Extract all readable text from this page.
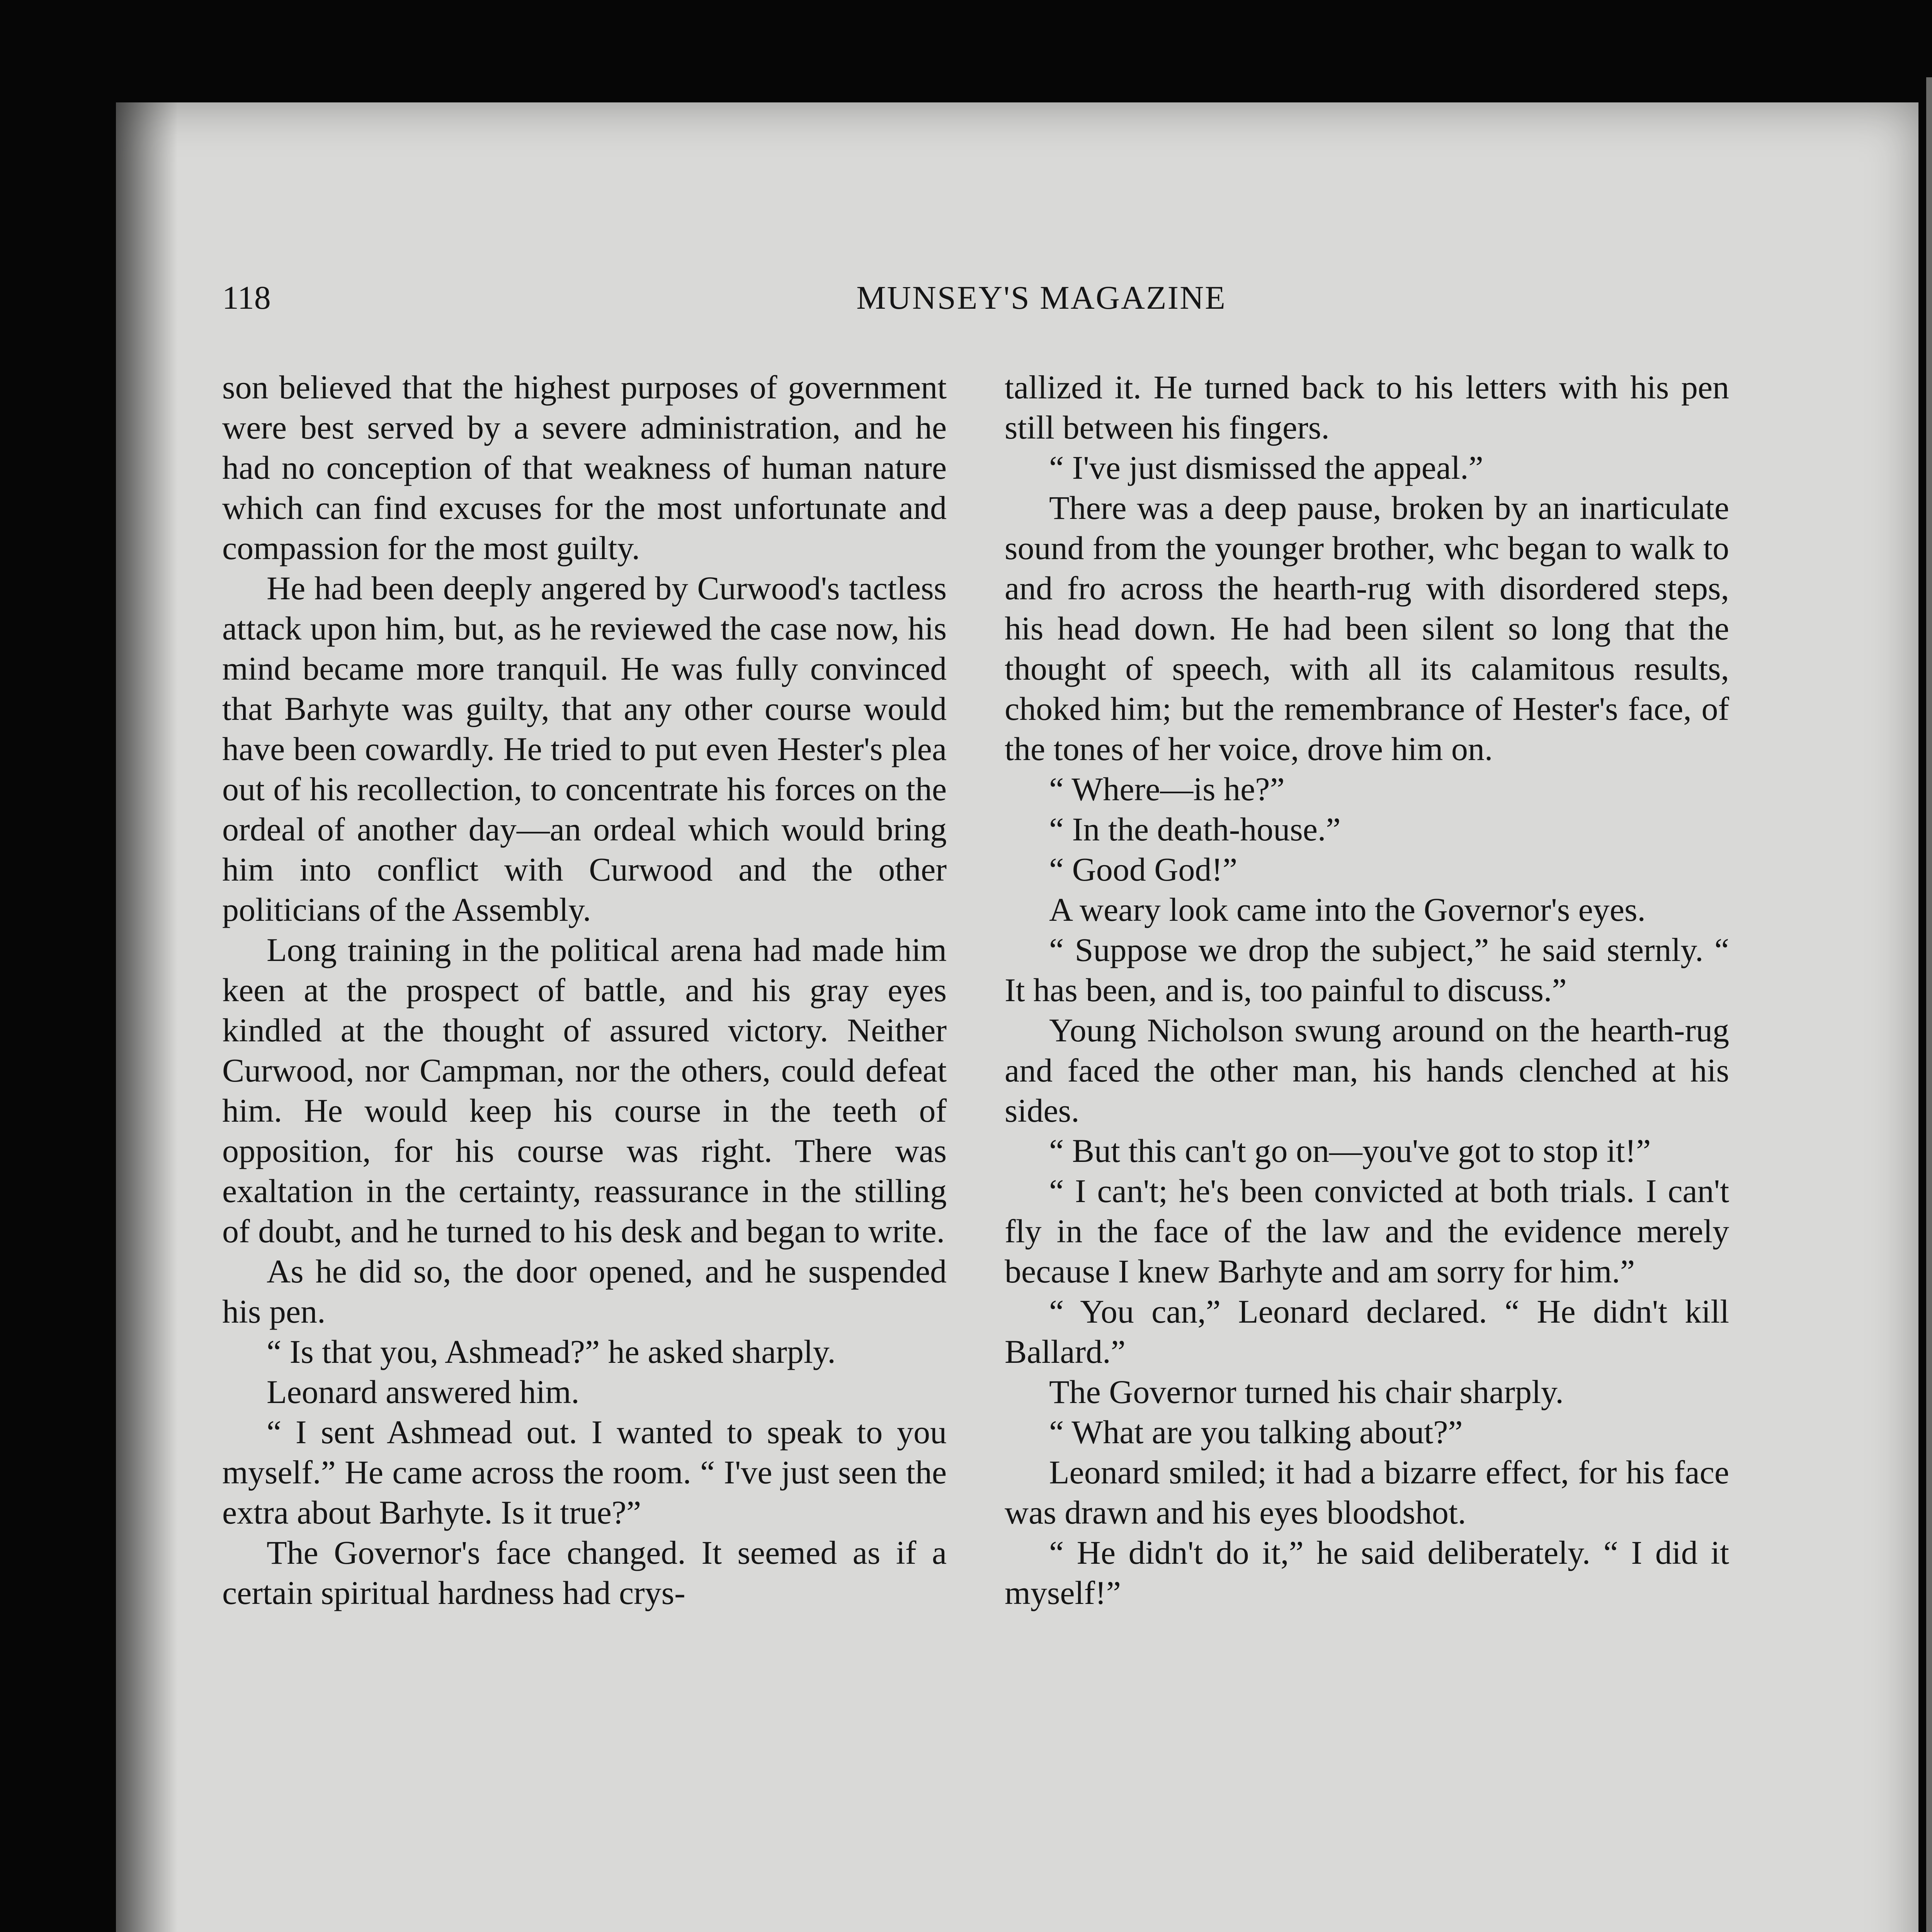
118	MUNSEY'S MAGAZINE

son believed that the highest purposes of government were best served by a severe administration, and he had no conception of that weakness of human nature which can find excuses for the most unfortunate and compassion for the most guilty.

He had been deeply angered by Curwood's tactless attack upon him, but, as he reviewed the case now, his mind became more tranquil. He was fully convinced that Barhyte was guilty, that any other course would have been cowardly. He tried to put even Hester's plea out of his recollection, to concentrate his forces on the ordeal of another day—an ordeal which would bring him into conflict with Curwood and the other politicians of the Assembly.

Long training in the political arena had made him keen at the prospect of battle, and his gray eyes kindled at the thought of assured victory. Neither Curwood, nor Campman, nor the others, could defeat him. He would keep his course in the teeth of opposition, for his course was right. There was exaltation in the certainty, reassurance in the stilling of doubt, and he turned to his desk and began to write.

As he did so, the door opened, and he suspended his pen.

“ Is that you, Ashmead?” he asked sharply.

Leonard answered him.

“ I sent Ashmead out. I wanted to speak to you myself.” He came across the room. “ I've just seen the extra about Barhyte. Is it true?”

The Governor's face changed. It seemed as if a certain spiritual hardness had crys-

tallized it. He turned back to his letters with his pen still between his fingers.

“ I've just dismissed the appeal.”

There was a deep pause, broken by an inarticulate sound from the younger brother, whc began to walk to and fro across the hearth-rug with disordered steps, his head down. He had been silent so long that the thought of speech, with all its calamitous results, choked him; but the remembrance of Hester's face, of the tones of her voice, drove him on.

“ Where—is he?”

“ In the death-house.”

“ Good God!”

A weary look came into the Governor's eyes.

“ Suppose we drop the subject,” he said sternly. “ It has been, and is, too painful to discuss.”

Young Nicholson swung around on the hearth-rug and faced the other man, his hands clenched at his sides.

“ But this can't go on—you've got to stop it!”

“ I can't; he's been convicted at both trials. I can't fly in the face of the law and the evidence merely because I knew Barhyte and am sorry for him.”

“ You can,” Leonard declared. “ He didn't kill Ballard.”

The Governor turned his chair sharply.

“ What are you talking about?”

Leonard smiled; it had a bizarre effect, for his face was drawn and his eyes bloodshot.

“ He didn't do it,” he said deliberately. “ I did it myself!”
